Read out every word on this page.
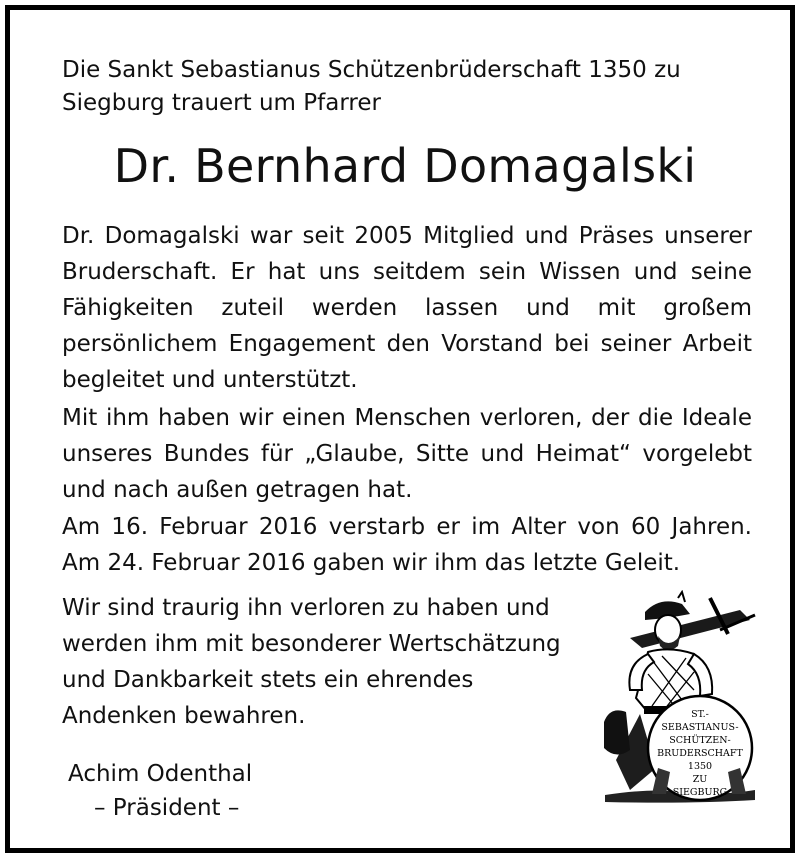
Die Sankt Sebastianus Schützenbrüderschaft 1350 zu Siegburg trauert um Pfarrer

Dr. Bernhard Domagalski

Dr. Domagalski war seit 2005 Mitglied und Präses unserer Bruderschaft. Er hat uns seitdem sein Wissen und seine Fähigkeiten zuteil werden lassen und mit großem persönlichem Engagement den Vorstand bei seiner Arbeit begleitet und unterstützt.

Mit ihm haben wir einen Menschen verloren, der die Ideale unseres Bundes für „Glaube, Sitte und Heimat“ vorgelebt und nach außen getragen hat.

Am 16. Februar 2016 verstarb er im Alter von 60 Jahren. Am 24. Februar 2016 gaben wir ihm das letzte Geleit.

Wir sind traurig ihn verloren zu haben und werden ihm mit besonderer Wertschätzung und Dankbarkeit stets ein ehrendes Andenken bewahren.

Achim Odenthal

– Präsident –

ST.-
SEBASTIANUS-
SCHÜTZEN-
BRUDERSCHAFT
1350
ZU
SIEGBURG
